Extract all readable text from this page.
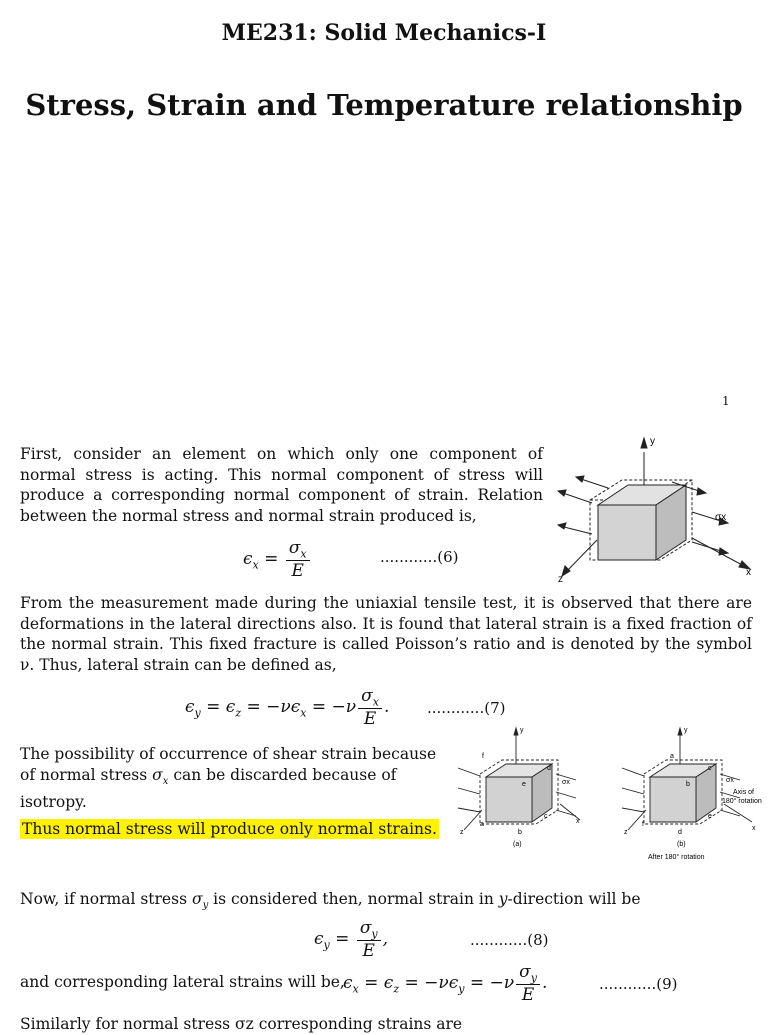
ME231: Solid Mechanics-I
Stress, Strain and Temperature relationship
1
First, consider an element on which only one component of normal stress is acting. This normal component of stress will produce a corresponding normal component of strain. Relation between the normal stress and normal strain produced is,
y
x
z
σx
$\epsilon_x = \frac{\sigma_x}{E}$	............(6)
From the measurement made during the uniaxial tensile test, it is observed that there are deformations in the lateral directions also. It is found that lateral strain is a fixed fraction of the normal strain. This fixed fracture is called Poisson’s ratio and is denoted by the symbol ν. Thus, lateral strain can be defined as,
$\epsilon_y = \epsilon_z = -\nu\epsilon_x = -\nu \frac{\sigma_x}{E}$ .	............(7)
The possibility of occurrence of shear strain because of normal stress $\sigma_x$ can be discarded because of isotropy.
Thus normal stress will produce only normal strains.
y
x
z
σx
f
d
e
a
b
c
y
x
z
σx
a
c
b
f
d
e
Axis of
180° rotation
(a)	(b)
After 180° rotation
Now, if normal stress $\sigma_y$ is considered then, normal strain in y-direction will be
$\epsilon_y = \frac{\sigma_y}{E}$ ,	............(8)
and corresponding lateral strains will be,
$\epsilon_x = \epsilon_z = -\nu\epsilon_y = -\nu \frac{\sigma_y}{E}$ .	............(9)
Similarly for normal stress σz corresponding strains are
